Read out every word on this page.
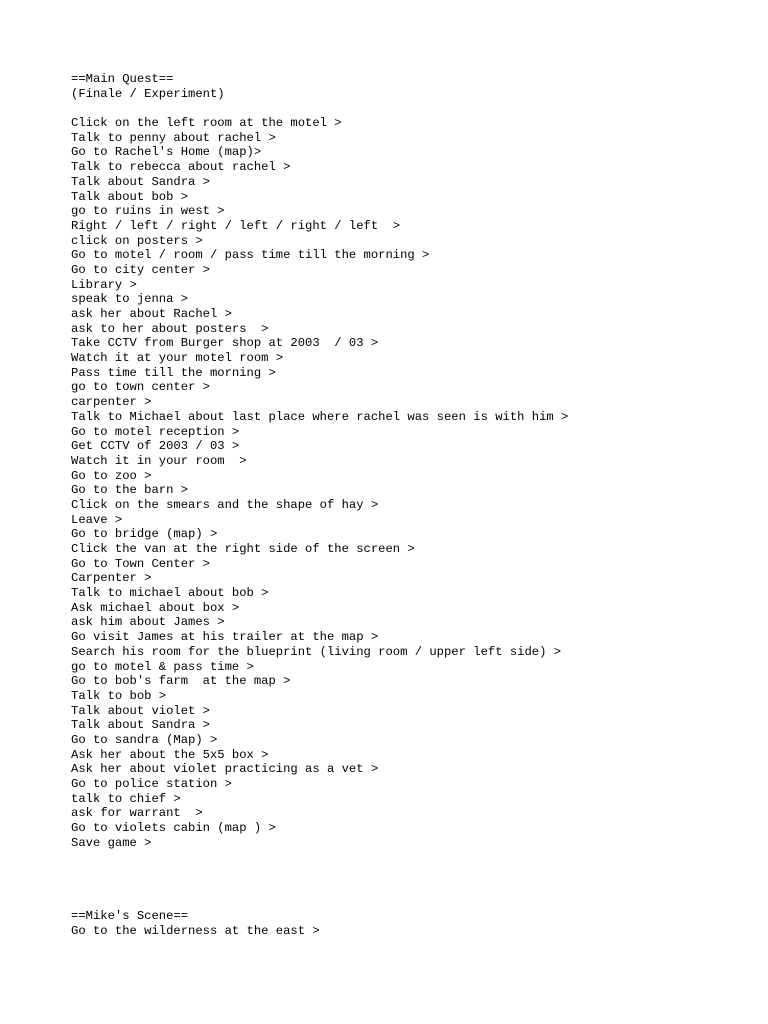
==Main Quest==
(Finale / Experiment)

Click on the left room at the motel >
Talk to penny about rachel >
Go to Rachel's Home (map)>
Talk to rebecca about rachel >
Talk about Sandra >
Talk about bob >
go to ruins in west >
Right / left / right / left / right / left  >
click on posters >
Go to motel / room / pass time till the morning >
Go to city center >
Library >
speak to jenna >
ask her about Rachel >
ask to her about posters  >
Take CCTV from Burger shop at 2003  / 03 >
Watch it at your motel room >
Pass time till the morning >
go to town center >
carpenter >
Talk to Michael about last place where rachel was seen is with him >
Go to motel reception >
Get CCTV of 2003 / 03 >
Watch it in your room  >
Go to zoo >
Go to the barn >
Click on the smears and the shape of hay >
Leave >
Go to bridge (map) >
Click the van at the right side of the screen >
Go to Town Center >
Carpenter >
Talk to michael about bob >
Ask michael about box >
ask him about James >
Go visit James at his trailer at the map >
Search his room for the blueprint (living room / upper left side) >
go to motel & pass time >
Go to bob's farm  at the map >
Talk to bob >
Talk about violet >
Talk about Sandra >
Go to sandra (Map) >
Ask her about the 5x5 box >
Ask her about violet practicing as a vet >
Go to police station >
talk to chief >
ask for warrant  >
Go to violets cabin (map ) >
Save game >

==Mike's Scene==
Go to the wilderness at the east >
